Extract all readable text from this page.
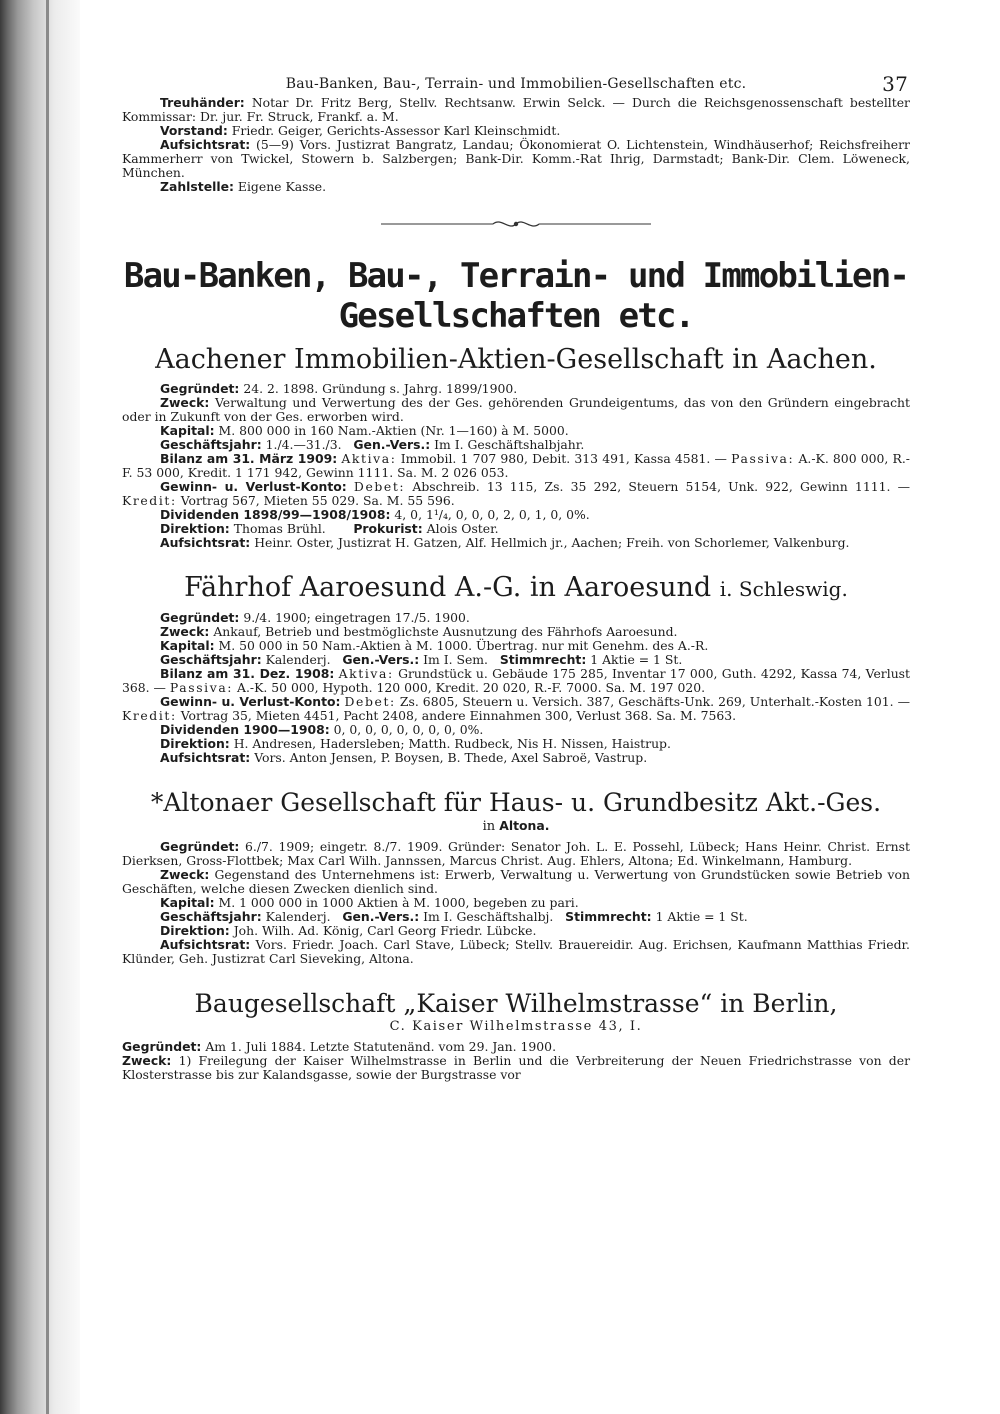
Bau-Banken, Bau-, Terrain- und Immobilien-Gesellschaften etc.	37

Treuhänder: Notar Dr. Fritz Berg, Stellv. Rechtsanw. Erwin Selck. — Durch die Reichsgenossenschaft bestellter Kommissar: Dr. jur. Fr. Struck, Frankf. a. M.

Vorstand: Friedr. Geiger, Gerichts-Assessor Karl Kleinschmidt.

Aufsichtsrat: (5—9) Vors. Justizrat Bangratz, Landau; Ökonomierat O. Lichtenstein, Windhäuserhof; Reichsfreiherr Kammerherr von Twickel, Stowern b. Salzbergen; Bank-Dir. Komm.-Rat Ihrig, Darmstadt; Bank-Dir. Clem. Löweneck, München.

Zahlstelle: Eigene Kasse.

Bau-Banken, Bau-, Terrain- und Immobilien-Gesellschaften etc.
Aachener Immobilien-Aktien-Gesellschaft in Aachen.

Gegründet: 24. 2. 1898. Gründung s. Jahrg. 1899/1900.

Zweck: Verwaltung und Verwertung des der Ges. gehörenden Grundeigentums, das von den Gründern eingebracht oder in Zukunft von der Ges. erworben wird.

Kapital: M. 800 000 in 160 Nam.-Aktien (Nr. 1—160) à M. 5000.

Geschäftsjahr: 1./4.—31./3. Gen.-Vers.: Im I. Geschäftshalbjahr.

Bilanz am 31. März 1909: Aktiva: Immobil. 1 707 980, Debit. 313 491, Kassa 4581. — Passiva: A.-K. 800 000, R.-F. 53 000, Kredit. 1 171 942, Gewinn 1111. Sa. M. 2 026 053.

Gewinn- u. Verlust-Konto: Debet: Abschreib. 13 115, Zs. 35 292, Steuern 5154, Unk. 922, Gewinn 1111. — Kredit: Vortrag 567, Mieten 55 029. Sa. M. 55 596.

Dividenden 1898/99—1908/1908: 4, 0, 1¹/₄, 0, 0, 0, 2, 0, 1, 0, 0%.

Direktion: Thomas Brühl. Prokurist: Alois Oster.

Aufsichtsrat: Heinr. Oster, Justizrat H. Gatzen, Alf. Hellmich jr., Aachen; Freih. von Schorlemer, Valkenburg.

Fährhof Aaroesund A.-G. in Aaroesund i. Schleswig.

Gegründet: 9./4. 1900; eingetragen 17./5. 1900.

Zweck: Ankauf, Betrieb und bestmöglichste Ausnutzung des Fährhofs Aaroesund.

Kapital: M. 50 000 in 50 Nam.-Aktien à M. 1000. Übertrag. nur mit Genehm. des A.-R.

Geschäftsjahr: Kalenderj. Gen.-Vers.: Im I. Sem. Stimmrecht: 1 Aktie = 1 St.

Bilanz am 31. Dez. 1908: Aktiva: Grundstück u. Gebäude 175 285, Inventar 17 000, Guth. 4292, Kassa 74, Verlust 368. — Passiva: A.-K. 50 000, Hypoth. 120 000, Kredit. 20 020, R.-F. 7000. Sa. M. 197 020.

Gewinn- u. Verlust-Konto: Debet: Zs. 6805, Steuern u. Versich. 387, Geschäfts-Unk. 269, Unterhalt.-Kosten 101. — Kredit: Vortrag 35, Mieten 4451, Pacht 2408, andere Einnahmen 300, Verlust 368. Sa. M. 7563.

Dividenden 1900—1908: 0, 0, 0, 0, 0, 0, 0, 0, 0%.

Direktion: H. Andresen, Hadersleben; Matth. Rudbeck, Nis H. Nissen, Haistrup.

Aufsichtsrat: Vors. Anton Jensen, P. Boysen, B. Thede, Axel Sabroë, Vastrup.

*Altonaer Gesellschaft für Haus- u. Grundbesitz Akt.-Ges.
in Altona.

Gegründet: 6./7. 1909; eingetr. 8./7. 1909. Gründer: Senator Joh. L. E. Possehl, Lübeck; Hans Heinr. Christ. Ernst Dierksen, Gross-Flottbek; Max Carl Wilh. Jannssen, Marcus Christ. Aug. Ehlers, Altona; Ed. Winkelmann, Hamburg.

Zweck: Gegenstand des Unternehmens ist: Erwerb, Verwaltung u. Verwertung von Grundstücken sowie Betrieb von Geschäften, welche diesen Zwecken dienlich sind.

Kapital: M. 1 000 000 in 1000 Aktien à M. 1000, begeben zu pari.

Geschäftsjahr: Kalenderj. Gen.-Vers.: Im I. Geschäftshalbj. Stimmrecht: 1 Aktie = 1 St.

Direktion: Joh. Wilh. Ad. König, Carl Georg Friedr. Lübcke.

Aufsichtsrat: Vors. Friedr. Joach. Carl Stave, Lübeck; Stellv. Brauereidir. Aug. Erichsen, Kaufmann Matthias Friedr. Klünder, Geh. Justizrat Carl Sieveking, Altona.

Baugesellschaft „Kaiser Wilhelmstrasse“ in Berlin,
C. Kaiser Wilhelmstrasse 43, I.

Gegründet: Am 1. Juli 1884. Letzte Statutenänd. vom 29. Jan. 1900.

Zweck: 1) Freilegung der Kaiser Wilhelmstrasse in Berlin und die Verbreiterung der Neuen Friedrichstrasse von der Klosterstrasse bis zur Kalandsgasse, sowie der Burgstrasse vor
